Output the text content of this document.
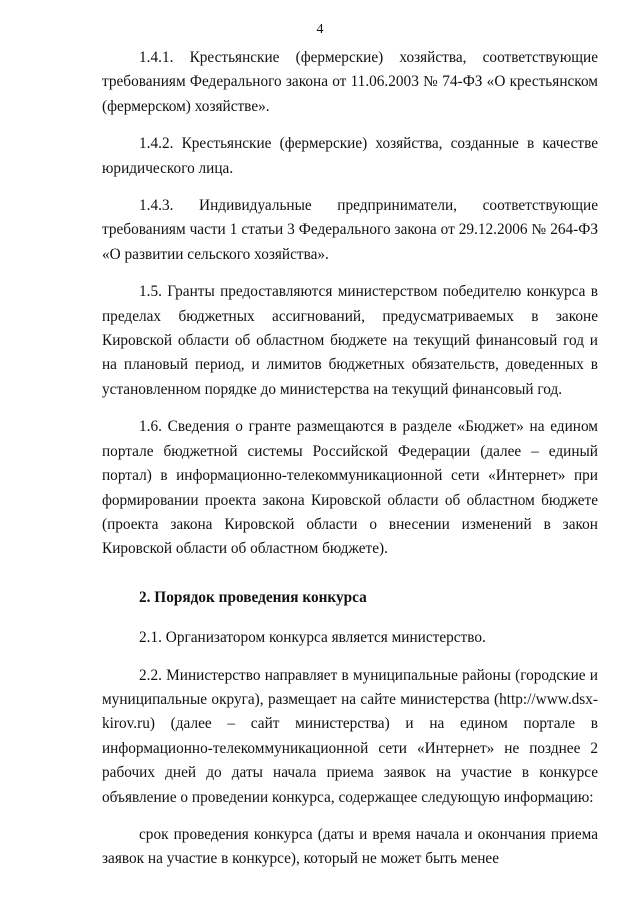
4

1.4.1. Крестьянские (фермерские) хозяйства, соответствующие требованиям Федерального закона от 11.06.2003 № 74-ФЗ «О крестьянском (фермерском) хозяйстве».

1.4.2. Крестьянские (фермерские) хозяйства, созданные в качестве юридического лица.

1.4.3. Индивидуальные предприниматели, соответствующие требованиям части 1 статьи 3 Федерального закона от 29.12.2006 № 264-ФЗ «О развитии сельского хозяйства».

1.5. Гранты предоставляются министерством победителю конкурса в пределах бюджетных ассигнований, предусматриваемых в законе Кировской области об областном бюджете на текущий финансовый год и на плановый период, и лимитов бюджетных обязательств, доведенных в установленном порядке до министерства на текущий финансовый год.

1.6. Сведения о гранте размещаются в разделе «Бюджет» на едином портале бюджетной системы Российской Федерации (далее – единый портал) в информационно-телекоммуникационной сети «Интернет» при формировании проекта закона Кировской области об областном бюджете (проекта закона Кировской области о внесении изменений в закон Кировской области об областном бюджете).

2. Порядок проведения конкурса

2.1. Организатором конкурса является министерство.

2.2. Министерство направляет в муниципальные районы (городские и муниципальные округа), размещает на сайте министерства (http://www.dsx-kirov.ru) (далее – сайт министерства) и на едином портале в информационно-телекоммуникационной сети «Интернет» не позднее 2 рабочих дней до даты начала приема заявок на участие в конкурсе объявление о проведении конкурса, содержащее следующую информацию:

срок проведения конкурса (даты и время начала и окончания приема заявок на участие в конкурсе), который не может быть менее
